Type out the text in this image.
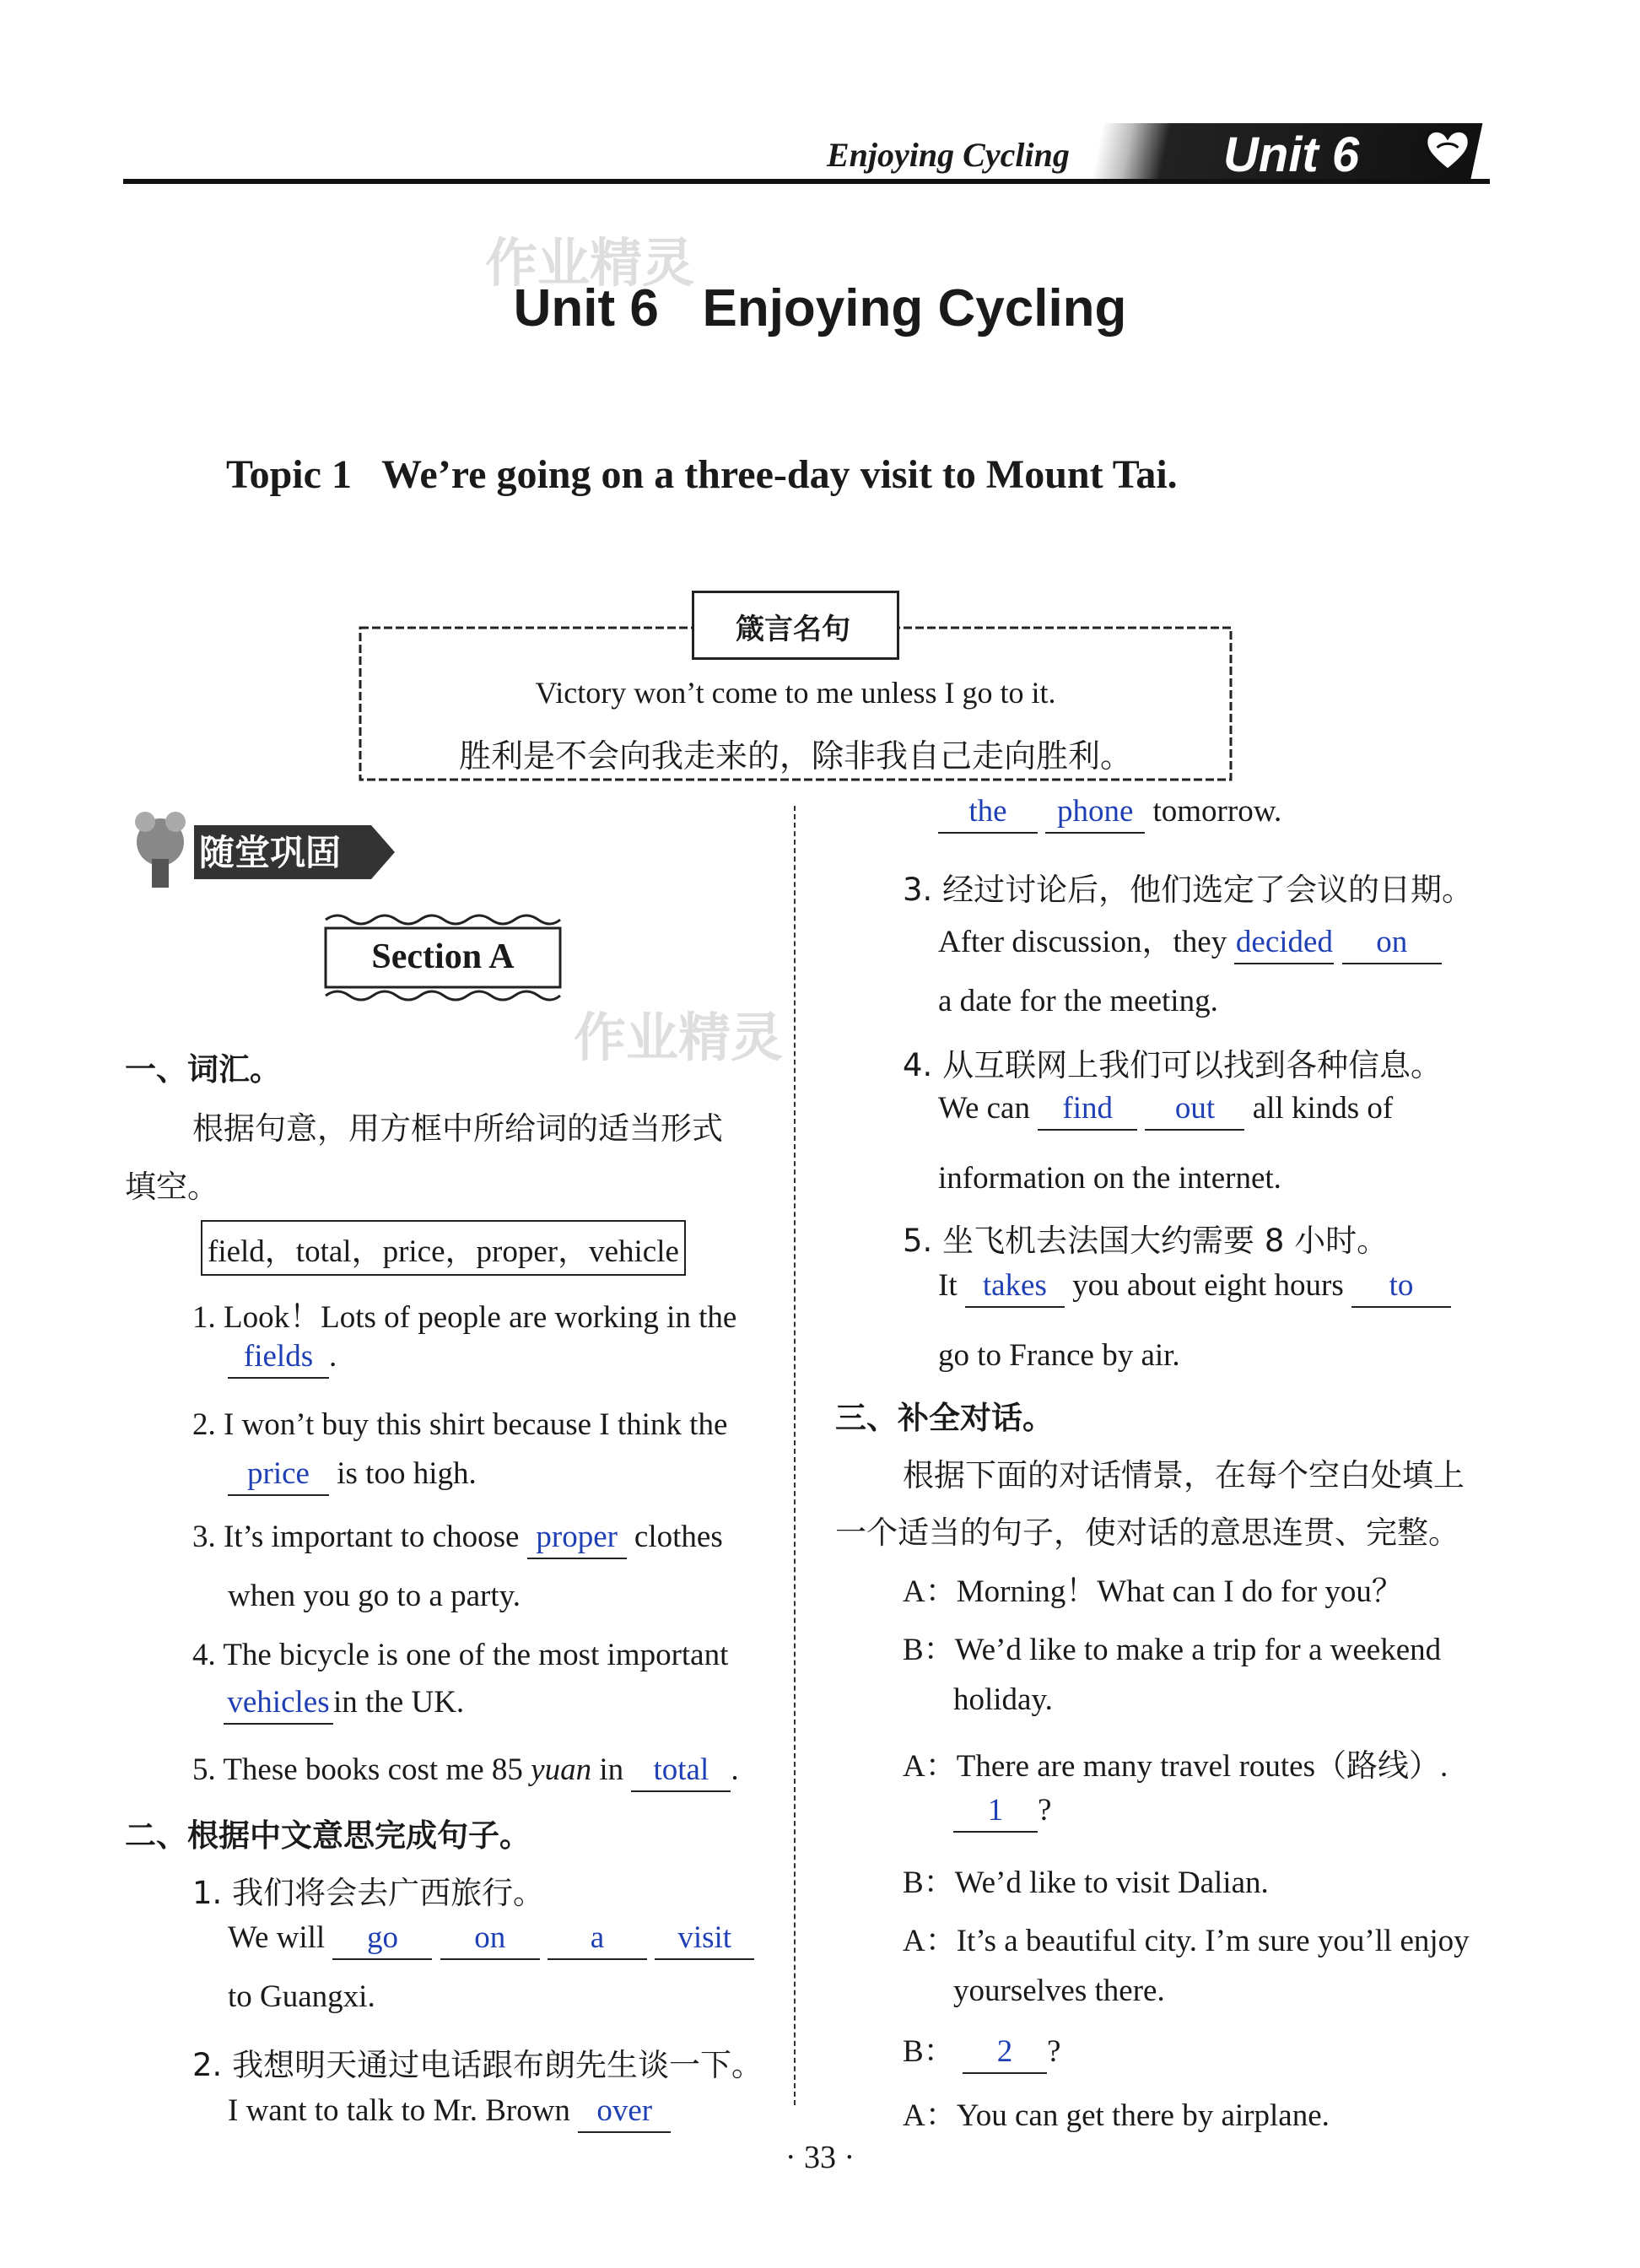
Enjoying Cycling	Unit 6
作业精灵
作业精灵
Unit 6   Enjoying Cycling
Topic 1   We’re going on a three-day visit to Mount Tai.
箴言名句
Victory won’t come to me unless I go to it.
胜利是不会向我走来的，除非我自己走向胜利。
随堂巩固
Section A
一、词汇。
根据句意，用方框中所给词的适当形式
填空。
field，total，price，proper，vehicle
1. Look！Lots of people are working in the
fields .
2. I won’t buy this shirt because I think the
price is too high.
3. It’s important to choose proper clothes
when you go to a party.
4. The bicycle is one of the most important
vehicles in the UK.
5. These books cost me 85 yuan in total .
二、根据中文意思完成句子。
1. 我们将会去广西旅行。
We will go on	a visit
to Guangxi.
2. 我想明天通过电话跟布朗先生谈一下。
I want to talk to Mr. Brown over
the phone tomorrow.
3. 经过讨论后，他们选定了会议的日期。
After discussion，they decided on
a date for the meeting.
4. 从互联网上我们可以找到各种信息。
We can find out all kinds of
information on the internet.
5. 坐飞机去法国大约需要 8 小时。
It takes you about eight hours to
go to France by air.
三、补全对话。
根据下面的对话情景，在每个空白处填上
一个适当的句子，使对话的意思连贯、完整。
A：Morning！What can I do for you？
B：We’d like to make a trip for a weekend
holiday.
A：There are many travel routes（路线）.
1 ?
B：We’d like to visit Dalian.
A：It’s a beautiful city. I’m sure you’ll enjoy
yourselves there.
B： 2 ?
A：You can get there by airplane.
· 33 ·
